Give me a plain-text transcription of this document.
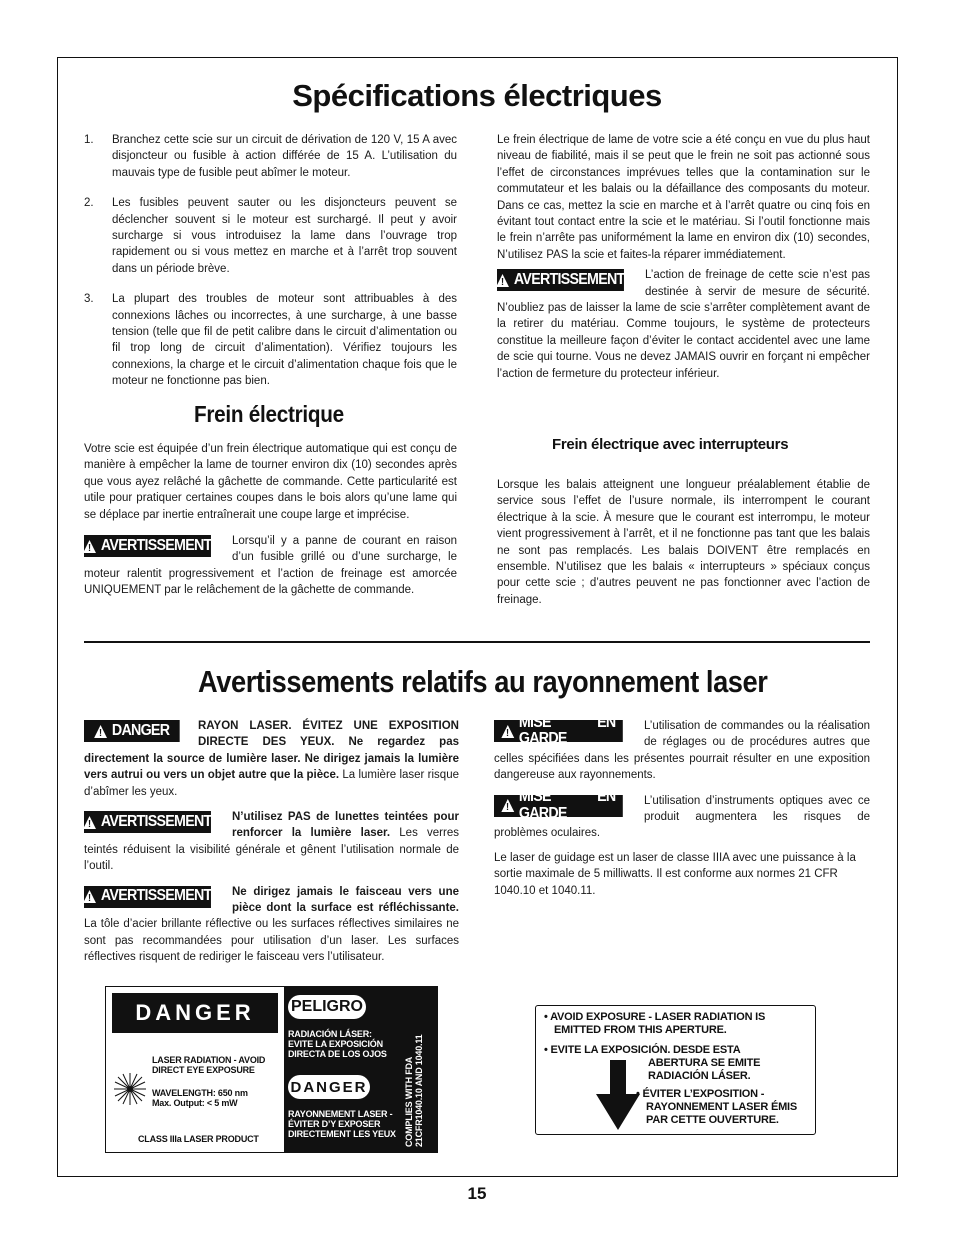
Spécifications électriques
1. Branchez cette scie sur un circuit de dérivation de 120 V, 15 A avec disjoncteur ou fusible à action différée de 15 A. L’utilisation du mauvais type de fusible peut abîmer le moteur.
2. Les fusibles peuvent sauter ou les disjoncteurs peuvent se déclencher souvent si le moteur est surchargé. Il peut y avoir surcharge si vous introduisez la lame dans l’ouvrage trop rapidement ou si vous mettez en marche et à l’arrêt trop souvent dans un période brève.
3. La plupart des troubles de moteur sont attribuables à des connexions lâches ou incorrectes, à une surcharge, à une basse tension (telle que fil de petit calibre dans le circuit d’alimentation ou fil trop long de circuit d’alimentation). Vérifiez toujours les connexions, la charge et le circuit d’alimentation chaque fois que le moteur ne fonctionne pas bien.
Frein électrique

Votre scie est équipée d’un frein électrique automatique qui est conçu de manière à empêcher la lame de tourner environ dix (10) secondes après que vous ayez relâché la gâchette de commande. Cette particularité est utile pour pratiquer certaines coupes dans le bois alors qu’une lame qui se déplace par inertie entraînerait une coupe large et imprécise.

!
AVERTISSEMENT Lorsqu’il y a panne de courant en raison d’un fusible grillé ou d’une surcharge, le moteur ralentit progressivement et l’action de freinage est amorcée UNIQUEMENT par le relâchement de la gâchette de commande.

Le frein électrique de lame de votre scie a été conçu en vue du plus haut niveau de fiabilité, mais il se peut que le frein ne soit pas actionné sous l’effet de circonstances imprévues telles que la contamination sur le commutateur et les balais ou la défaillance des composants du moteur. Dans ce cas, mettez la scie en marche et à l’arrêt quatre ou cinq fois en évitant tout contact entre la scie et le matériau. Si l’outil fonctionne mais le frein n’arrête pas uniformément la lame en environ dix (10) secondes, N’utilisez PAS la scie et faites-la réparer immédiatement.

!
AVERTISSEMENT L’action de freinage de cette scie n’est pas destinée à servir de mesure de sécurité. N’oubliez pas de laisser la lame de scie s’arrêter complètement avant de la retirer du matériau. Comme toujours, le système de protecteurs constitue la meilleure façon d’éviter le contact accidentel avec une lame de scie qui tourne. Vous ne devez JAMAIS ouvrir en forçant ni empêcher l’action de fermeture du protecteur inférieur.

Frein électrique avec interrupteurs

Lorsque les balais atteignent une longueur préalablement établie de service sous l’effet de l’usure normale, ils interrompent le courant électrique à la scie. À mesure que le courant est interrompu, le moteur vient progressivement à l’arrêt, et il ne fonctionne pas tant que les balais ne sont pas remplacés. Les balais DOIVENT être remplacés en ensemble. N’utilisez que les balais « interrupteurs » spéciaux conçus pour cette scie ; d’autres peuvent ne pas fonctionner avec l’action de freinage.

Avertissements relatifs au rayonnement laser

!
DANGER RAYON LASER. ÉVITEZ UNE EXPOSITION DIRECTE DES YEUX. Ne regardez pas directement la source de lumière laser. Ne dirigez jamais la lumière vers autrui ou vers un objet autre que la pièce. La lumière laser risque d’abîmer les yeux.

!
AVERTISSEMENT N’utilisez PAS de lunettes teintées pour renforcer la lumière laser. Les verres teintés réduisent la visibilité générale et gênent l’utilisation normale de l’outil.

!
AVERTISSEMENT Ne dirigez jamais le faisceau vers une pièce dont la surface est réfléchissante. La tôle d’acier brillante réflective ou les surfaces réflectives similaires ne sont pas recommandées pour utilisation d’un laser. Les surfaces réflectives risquent de rediriger le faisceau vers l’utilisateur.

!
MISE EN GARDE
L’utilisation de commandes ou la réalisation de réglages ou de procédures autres que celles spécifiées dans les présentes pourrait résulter en une exposition dangereuse aux rayonnements.

!
MISE EN GARDE
L’utilisation d’instruments optiques avec ce produit augmentera les risques de problèmes oculaires.

Le laser de guidage est un laser de classe IIIA avec une puissance à la sortie maximale de 5 milliwatts. Il est conforme aux normes 21 CFR 1040.10 et 1040.11.

DANGER
LASER RADIATION - AVOID
DIRECT EYE EXPOSURE
WAVELENGTH: 650 nm
Max. Output: < 5 mW
CLASS IIIa LASER PRODUCT
PELIGRO
RADIACIÓN LÁSER:
EVITE LA EXPOSICIÓN
DIRECTA DE LOS OJOS
DANGER
RAYONNEMENT LASER -
ÉVITER D’Y EXPOSER
DIRECTEMENT LES YEUX COMPLIES WITH FDA 21CFR1040.10 AND 1040.11
• AVOID EXPOSURE - LASER RADIATION IS
EMITTED FROM THIS APERTURE.
• EVITE LA EXPOSICIÓN. DESDE ESTA
ABERTURA SE EMITE
RADIACIÓN LÁSER.
• ÉVITER L’EXPOSITION -
RAYONNEMENT LASER ÉMIS
PAR CETTE OUVERTURE.
15
